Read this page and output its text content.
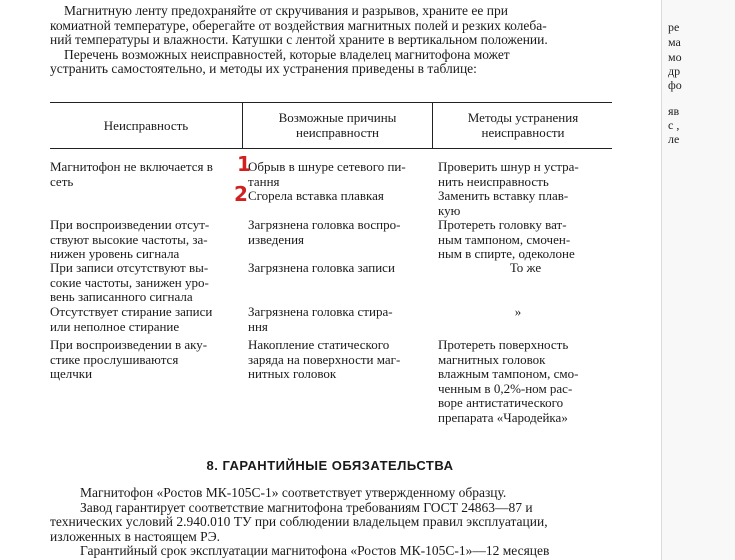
Магнитную ленту предохраняйте от скручивания и разрывов, храните ее при
комиатной температуре, оберегайте от воздействия магнитных полей и резких колеба-
ний температуры и влажности. Катушки с лентой храните в вертикальном положении.
Перечень возможных неисправностей, которые владелец магнитофона может
устранить самостоятельно, и методы их устранения приведены в таблице:
Неисправность
Возможные причины
неисправностн
Методы устранения
неисправности
Магнитофон не включается в
сеть
Обрыв в шнуре сетевого пи-
тання
Проверить шнур н устра-
нить неисправность
Сгорела вставка плавкая	Заменить вставку плав-
кую
При воспроизведении отсут-
ствуют высокие частоты, за-
нижен уровень сигнала
Загрязнена головка воспро-
изведения
Протереть головку ват-
ным тампоном, смочен-
ным в спирте, одеколоне
При записи отсутствуют вы-
сокие частоты, занижен уро-
вень записанного сигнала
Загрязнена головка записи	То же
Отсутствует стирание записи
или неполное стирание
Загрязнена головка стира-
ння
»
При воспроизведении в аку-
стике прослушиваются
щелчки
Накопление статического
заряда на поверхности маг-
нитных головок
Протереть поверхность
магнитных головок
влажным тампоном, смо-
ченным в 0,2%-ном рас-
воре антистатического
препарата «Чародейка»
1
2
8. ГАРАНТИЙНЫЕ ОБЯЗАТЕЛЬСТВА
Магнитофон «Ростов МК-105С-1» соответствует утвержденному образцу.
Завод гарантирует соответствие магнитофона требованиям ГОСТ 24863—87 и
технических условий 2.940.010 ТУ при соблюдении владельцем правил эксплуатации,
изложенных в настоящем РЭ.
Гарантийный срок эксплуатации магнитофона «Ростов МК-105С-1»—12 месяцев
ре
ма
мо
др
фо
яв
с ,
ле
